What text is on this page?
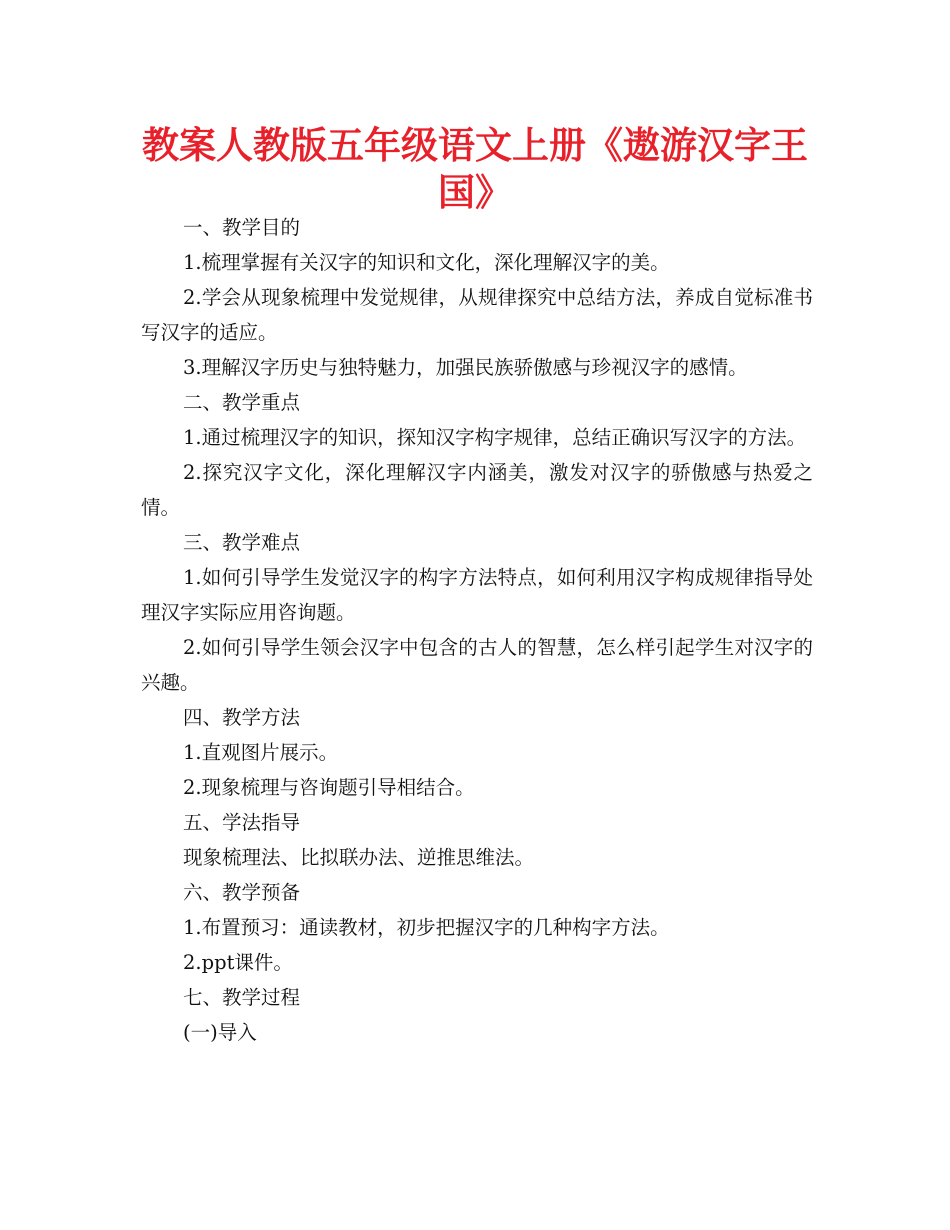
教案人教版五年级语文上册《遨游汉字王国》

一、教学目的

1.梳理掌握有关汉字的知识和文化，深化理解汉字的美。

2.学会从现象梳理中发觉规律，从规律探究中总结方法，养成自觉标准书写汉字的适应。

3.理解汉字历史与独特魅力，加强民族骄傲感与珍视汉字的感情。

二、教学重点

1.通过梳理汉字的知识，探知汉字构字规律，总结正确识写汉字的方法。

2.探究汉字文化，深化理解汉字内涵美，激发对汉字的骄傲感与热爱之情。

三、教学难点

1.如何引导学生发觉汉字的构字方法特点，如何利用汉字构成规律指导处理汉字实际应用咨询题。

2.如何引导学生领会汉字中包含的古人的智慧，怎么样引起学生对汉字的兴趣。

四、教学方法

1.直观图片展示。

2.现象梳理与咨询题引导相结合。

五、学法指导

现象梳理法、比拟联办法、逆推思维法。

六、教学预备

1.布置预习：通读教材，初步把握汉字的几种构字方法。

2.ppt课件。

七、教学过程

(一)导入
